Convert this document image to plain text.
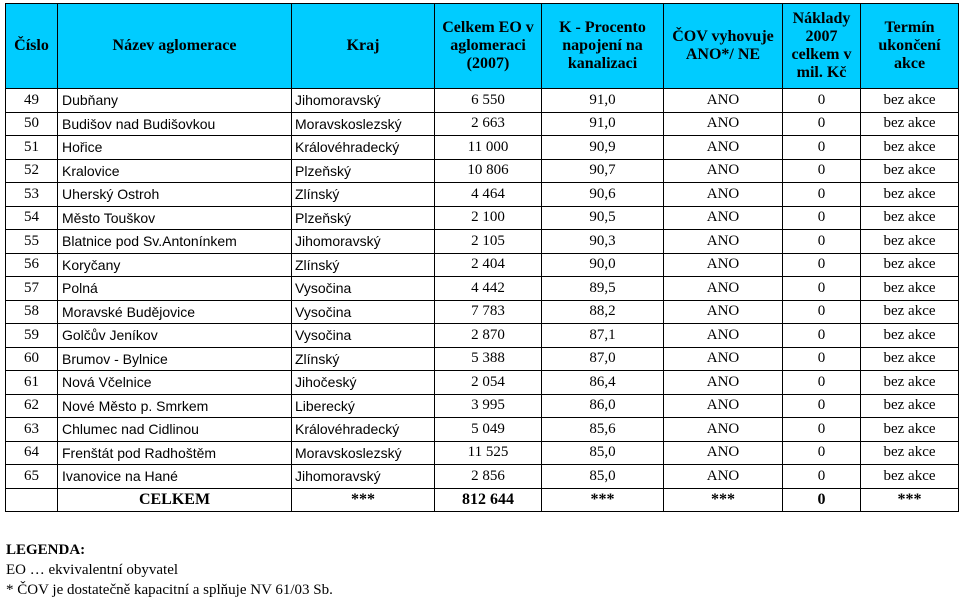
Číslo	Název aglomerace	Kraj	Celkem EO v aglomeraci (2007)	K - Procento napojení na kanalizaci	ČOV vyhovuje ANO*/ NE	Náklady 2007 celkem v mil. Kč	Termín ukončení akce
49	Dubňany	Jihomoravský	6 550	91,0	ANO	0	bez akce
50	Budišov nad Budišovkou	Moravskoslezský	2 663	91,0	ANO	0	bez akce
51	Hořice	Královéhradecký	11 000	90,9	ANO	0	bez akce
52	Kralovice	Plzeňský	10 806	90,7	ANO	0	bez akce
53	Uherský Ostroh	Zlínský	4 464	90,6	ANO	0	bez akce
54	Město Touškov	Plzeňský	2 100	90,5	ANO	0	bez akce
55	Blatnice pod Sv.Antonínkem	Jihomoravský	2 105	90,3	ANO	0	bez akce
56	Koryčany	Zlínský	2 404	90,0	ANO	0	bez akce
57	Polná	Vysočina	4 442	89,5	ANO	0	bez akce
58	Moravské Budějovice	Vysočina	7 783	88,2	ANO	0	bez akce
59	Golčův Jeníkov	Vysočina	2 870	87,1	ANO	0	bez akce
60	Brumov - Bylnice	Zlínský	5 388	87,0	ANO	0	bez akce
61	Nová Včelnice	Jihočeský	2 054	86,4	ANO	0	bez akce
62	Nové Město p. Smrkem	Liberecký	3 995	86,0	ANO	0	bez akce
63	Chlumec nad Cidlinou	Královéhradecký	5 049	85,6	ANO	0	bez akce
64	Frenštát pod Radhoštěm	Moravskoslezský	11 525	85,0	ANO	0	bez akce
65	Ivanovice na Hané	Jihomoravský	2 856	85,0	ANO	0	bez akce
	CELKEM	***	812 644	***	***	0	***
LEGENDA:
EO … ekvivalentní obyvatel
* ČOV je dostatečně kapacitní a splňuje NV 61/03 Sb.
